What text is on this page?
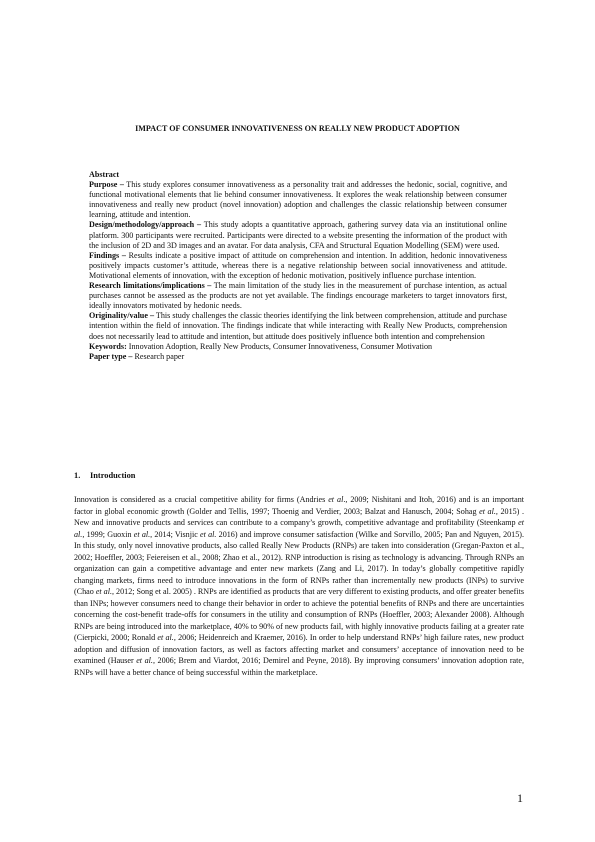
IMPACT OF CONSUMER INNOVATIVENESS ON REALLY NEW PRODUCT ADOPTION

Abstract

Purpose – This study explores consumer innovativeness as a personality trait and addresses the hedonic, social, cognitive, and functional motivational elements that lie behind consumer innovativeness. It explores the weak relationship between consumer innovativeness and really new product (novel innovation) adoption and challenges the classic relationship between consumer learning, attitude and intention.

Design/methodology/approach – This study adopts a quantitative approach, gathering survey data via an institutional online platform. 300 participants were recruited. Participants were directed to a website presenting the information of the product with the inclusion of 2D and 3D images and an avatar. For data analysis, CFA and Structural Equation Modelling (SEM) were used.

Findings – Results indicate a positive impact of attitude on comprehension and intention. In addition, hedonic innovativeness positively impacts customer’s attitude, whereas there is a negative relationship between social innovativeness and attitude. Motivational elements of innovation, with the exception of hedonic motivation, positively influence purchase intention.

Research limitations/implications – The main limitation of the study lies in the measurement of purchase intention, as actual purchases cannot be assessed as the products are not yet available. The findings encourage marketers to target innovators first, ideally innovators motivated by hedonic needs.

Originality/value – This study challenges the classic theories identifying the link between comprehension, attitude and purchase intention within the field of innovation. The findings indicate that while interacting with Really New Products, comprehension does not necessarily lead to attitude and intention, but attitude does positively influence both intention and comprehension

Keywords: Innovation Adoption, Really New Products, Consumer Innovativeness, Consumer Motivation

Paper type – Research paper

1. Introduction

Innovation is considered as a crucial competitive ability for firms (Andries et al., 2009; Nishitani and Itoh, 2016) and is an important factor in global economic growth (Golder and Tellis, 1997; Thoenig and Verdier, 2003; Balzat and Hanusch, 2004; Sohag et al., 2015) . New and innovative products and services can contribute to a company’s growth, competitive advantage and profitability (Steenkamp et al., 1999; Guoxin et al., 2014; Visnjic et al. 2016) and improve consumer satisfaction (Wilke and Sorvillo, 2005; Pan and Nguyen, 2015). In this study, only novel innovative products, also called Really New Products (RNPs) are taken into consideration (Gregan-Paxton et al., 2002; Hoeffler, 2003; Feiereisen et al., 2008; Zhao et al., 2012). RNP introduction is rising as technology is advancing. Through RNPs an organization can gain a competitive advantage and enter new markets (Zang and Li, 2017). In today’s globally competitive rapidly changing markets, firms need to introduce innovations in the form of RNPs rather than incrementally new products (INPs) to survive (Chao et al., 2012; Song et al. 2005) . RNPs are identified as products that are very different to existing products, and offer greater benefits than INPs; however consumers need to change their behavior in order to achieve the potential benefits of RNPs and there are uncertainties concerning the cost-benefit trade-offs for consumers in the utility and consumption of RNPs (Hoeffler, 2003; Alexander 2008). Although RNPs are being introduced into the marketplace, 40% to 90% of new products fail, with highly innovative products failing at a greater rate (Cierpicki, 2000; Ronald et al., 2006; Heidenreich and Kraemer, 2016). In order to help understand RNPs’ high failure rates, new product adoption and diffusion of innovation factors, as well as factors affecting market and consumers’ acceptance of innovation need to be examined (Hauser et al., 2006; Brem and Viardot, 2016; Demirel and Peyne, 2018). By improving consumers’ innovation adoption rate, RNPs will have a better chance of being successful within the marketplace.

1
